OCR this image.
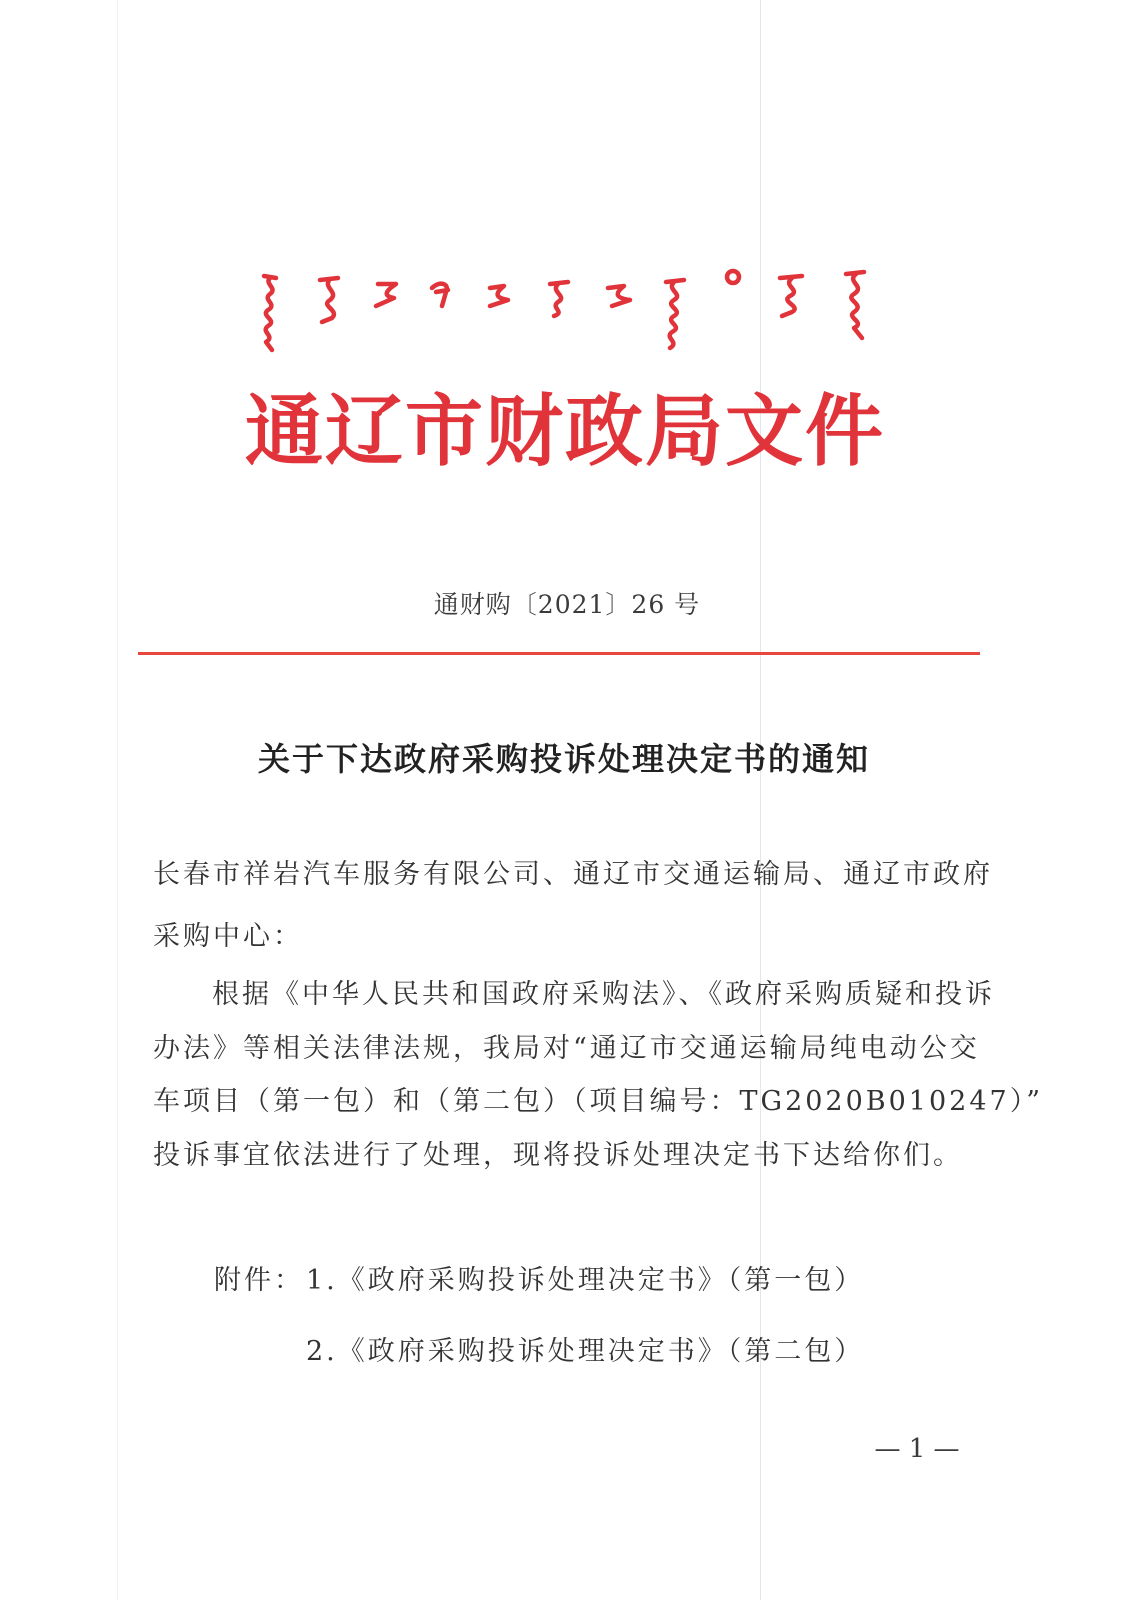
通辽市财政局文件
通财购〔2021〕26 号
关于下达政府采购投诉处理决定书的通知
长春市祥岩汽车服务有限公司、通辽市交通运输局、通辽市政府
采购中心：
根据《中华人民共和国政府采购法》、《政府采购质疑和投诉
办法》等相关法律法规，我局对“通辽市交通运输局纯电动公交
车项目（第一包）和（第二包）（项目编号：TG2020B010247）”
投诉事宜依法进行了处理，现将投诉处理决定书下达给你们。
附件： 1.《政府采购投诉处理决定书》（第一包）
2.《政府采购投诉处理决定书》（第二包）
— 1 —
